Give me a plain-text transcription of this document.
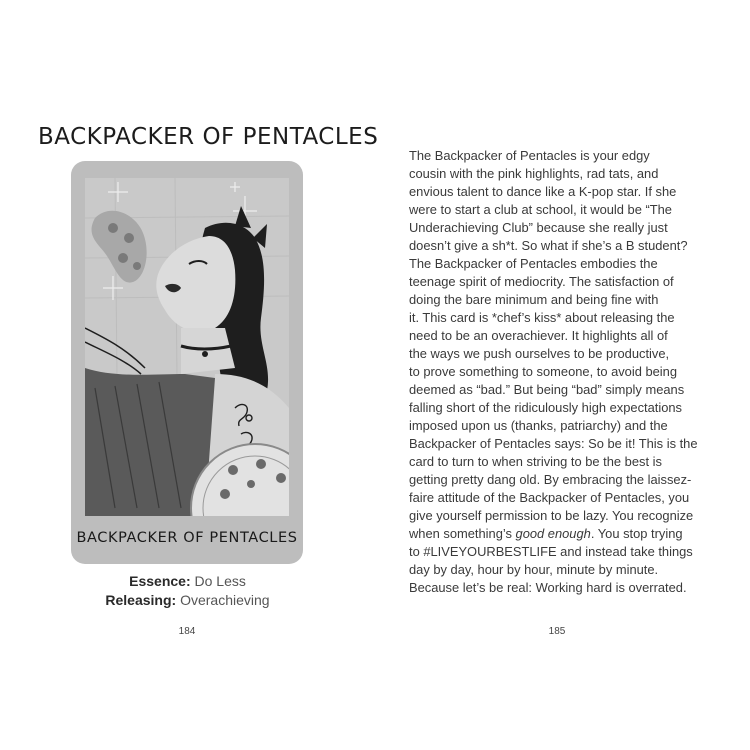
BACKPACKER OF PENTACLES
BACKPACKER OF PENTACLES
Essence: Do Less
Releasing: Overachieving
184
The Backpacker of Pentacles is your edgy
cousin with the pink highlights, rad tats, and
envious talent to dance like a K-pop star. If she
were to start a club at school, it would be “The
Underachieving Club” because she really just
doesn’t give a sh*t. So what if she’s a B student?
The Backpacker of Pentacles embodies the
teenage spirit of mediocrity. The satisfaction of
doing the bare minimum and being fine with
it. This card is *chef’s kiss* about releasing the
need to be an overachiever. It highlights all of
the ways we push ourselves to be productive,
to prove something to someone, to avoid being
deemed as “bad.” But being “bad” simply means
falling short of the ridiculously high expectations
imposed upon us (thanks, patriarchy) and the
Backpacker of Pentacles says: So be it! This is the
card to turn to when striving to be the best is
getting pretty dang old. By embracing the laissez-
faire attitude of the Backpacker of Pentacles, you
give yourself permission to be lazy. You recognize
when something’s good enough. You stop trying
to #LIVEYOURBESTLIFE and instead take things
day by day, hour by hour, minute by minute.
Because let’s be real: Working hard is overrated.
185
